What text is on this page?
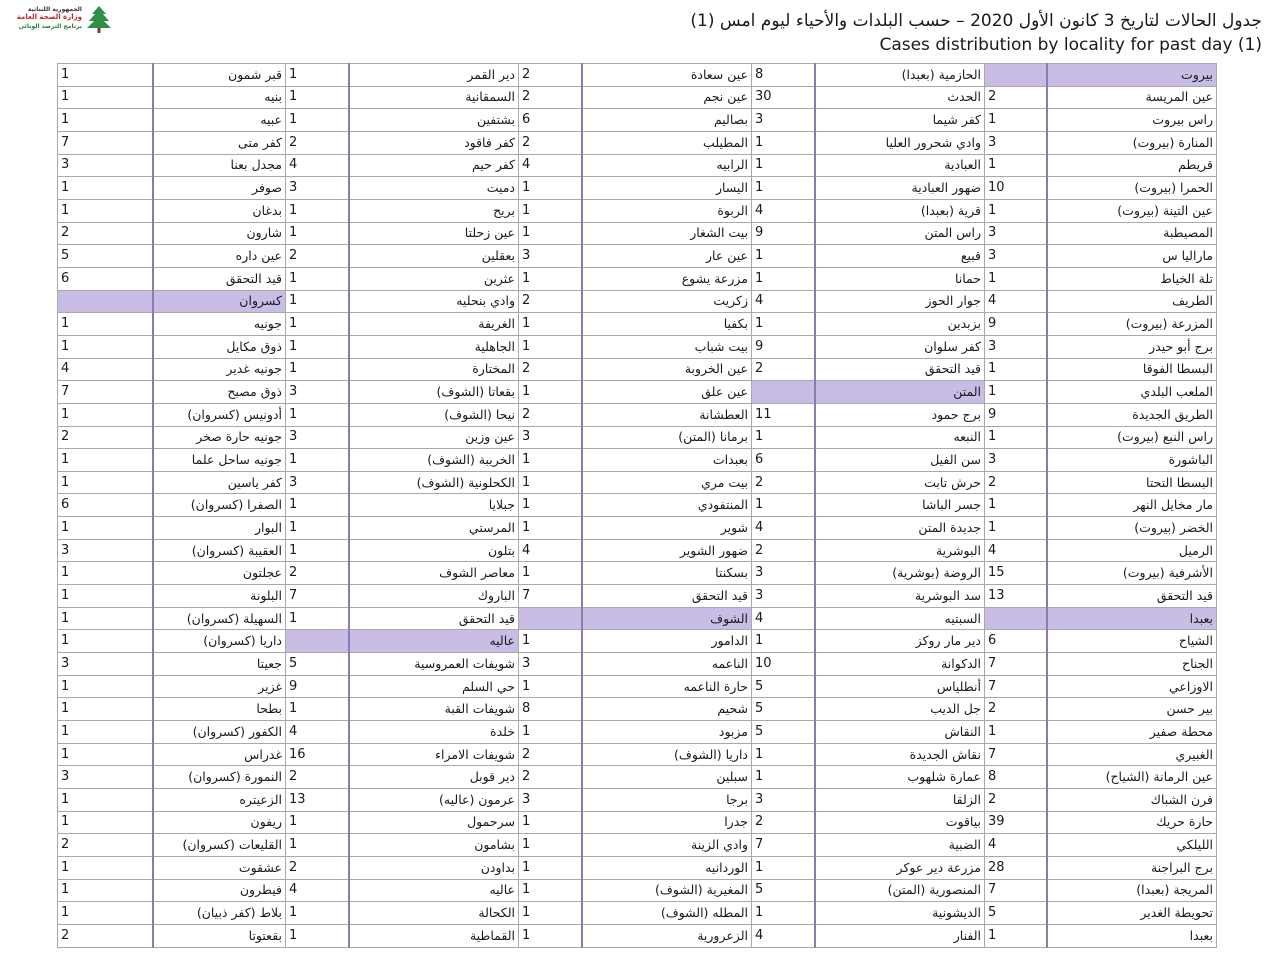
الجمهورية اللبنانية
وزارة الصحة العامة
برنامج الترصد الوبائي	جدول الحالات لتاريخ 3 كانون الأول 2020 – حسب البلدات والأحياء ليوم امس (1)
Cases distribution by locality for past day (1)
بيروت		الحازمية (بعبدا)	8	عين سعادة	2	دير القمر	1	قبر شمون	1
عين المريسة	2	الحدث	30	عين نجم	2	السمقانية	1	بنيه	1
راس بيروت	1	كفر شيما	3	بصاليم	6	بشتفين	1	عبيه	1
المنارة (بيروت)	3	وادي شحرور العليا	1	المطيلب	2	كفر فاقود	2	كفر متى	7
قريطم	1	العبادية	1	الرابيه	4	كفر حيم	4	مجدل بعنا	3
الحمرا (بيروت)	10	ضهور العبادية	1	اليسار	1	دميت	3	صوفر	1
عين التينة (بيروت)	1	قرية (بعبدا)	4	الربوة	1	بريح	1	بدغان	1
المصيطبة	3	راس المتن	9	بيت الشغار	1	عين زحلتا	1	شارون	2
ماراليا س	3	قبيع	1	عين عار	3	بعقلين	2	عين داره	5
تلة الخياط	1	حمانا	1	مزرعة يشوع	1	عثرين	1	قيد التحقق	6
الطريف	4	جوار الحوز	4	زكريت	2	وادي بنحليه	1	كسروان	
المزرعة (بيروت)	9	بزبدين	1	بكفيا	1	الغريفة	1	جونيه	1
برج أبو حيدر	3	كفر سلوان	9	بيت شباب	1	الجاهلية	1	ذوق مكايل	1
البسطا الفوقا	1	قيد التحقق	2	عين الخروبة	2	المختارة	1	جونيه غدير	4
الملعب البلدي	1	المتن		عين علق	1	بقعاتا (الشوف)	3	ذوق مصبح	7
الطريق الجديدة	9	برج حمود	11	العطشانة	2	نيحا (الشوف)	1	أدونيس (كسروان)	1
راس النبع (بيروت)	1	النبعه	1	برمانا (المتن)	3	عين وزين	3	جونيه حارة صخر	2
الباشورة	3	سن الفيل	6	بعبدات	1	الخريبة (الشوف)	1	جونيه ساحل علما	1
البسطا التحتا	2	حرش تابت	2	بيت مري	1	الكحلونية (الشوف)	3	كفر ياسين	1
مار مخايل النهر	1	جسر الباشا	1	المنتفودي	1	جبلايا	1	الصفرا (كسروان)	6
الخضر (بيروت)	1	جديدة المتن	4	شوير	1	المرستي	1	البوار	1
الرميل	4	البوشرية	2	ضهور الشوير	4	بتلون	1	العقيبة (كسروان)	3
الأشرفية (بيروت)	15	الروضة (بوشرية)	3	بسكنتا	1	معاصر الشوف	2	عجلتون	1
قيد التحقق	13	سد البوشرية	3	قيد التحقق	7	الباروك	7	البلونة	1
بعبدا		السبتيه	4	الشوف		قيد التحقق	1	السهيلة (كسروان)	1
الشياح	6	دير مار روكز	1	الدامور	1	عاليه		داريا (كسروان)	1
الجناح	7	الدكوانة	10	الناعمه	3	شويفات العمروسية	5	جعيتا	3
الاوزاعي	7	أنطلياس	5	حارة الناعمه	1	حي السلم	9	غزير	1
بير حسن	2	جل الديب	5	شحيم	8	شويفات القبة	1	بطحا	1
محطة صفير	1	النقاش	5	مزبود	1	خلدة	4	الكفور (كسروان)	1
الغبيري	7	نقاش الجديدة	1	داريا (الشوف)	2	شويفات الامراء	16	غدراس	1
عين الرمانة (الشياح)	8	عمارة شلهوب	1	سبلين	2	دير قوبل	2	النمورة (كسروان)	3
فرن الشباك	2	الزلقا	3	برجا	3	عرمون (عاليه)	13	الزعيتره	1
حارة حريك	39	بياقوت	2	جدرا	1	سرحمول	1	ريفون	1
الليلكي	4	الضبية	7	وادي الزينة	1	بشامون	1	القليعات (كسروان)	2
برج البراجنة	28	مزرعة دير عوكر	1	الوردانيه	1	بداودن	2	عشقوت	1
المريجة (بعبدا)	7	المنصورية (المتن)	5	المغيرية (الشوف)	1	عاليه	4	فيطرون	1
تحويطة الغدير	5	الديشونية	1	المطله (الشوف)	1	الكحالة	1	بلاط (كفر ذبيان)	1
بعبدا	1	الفنار	4	الزعرورية	1	القماطية	1	بقعتوتا	2
